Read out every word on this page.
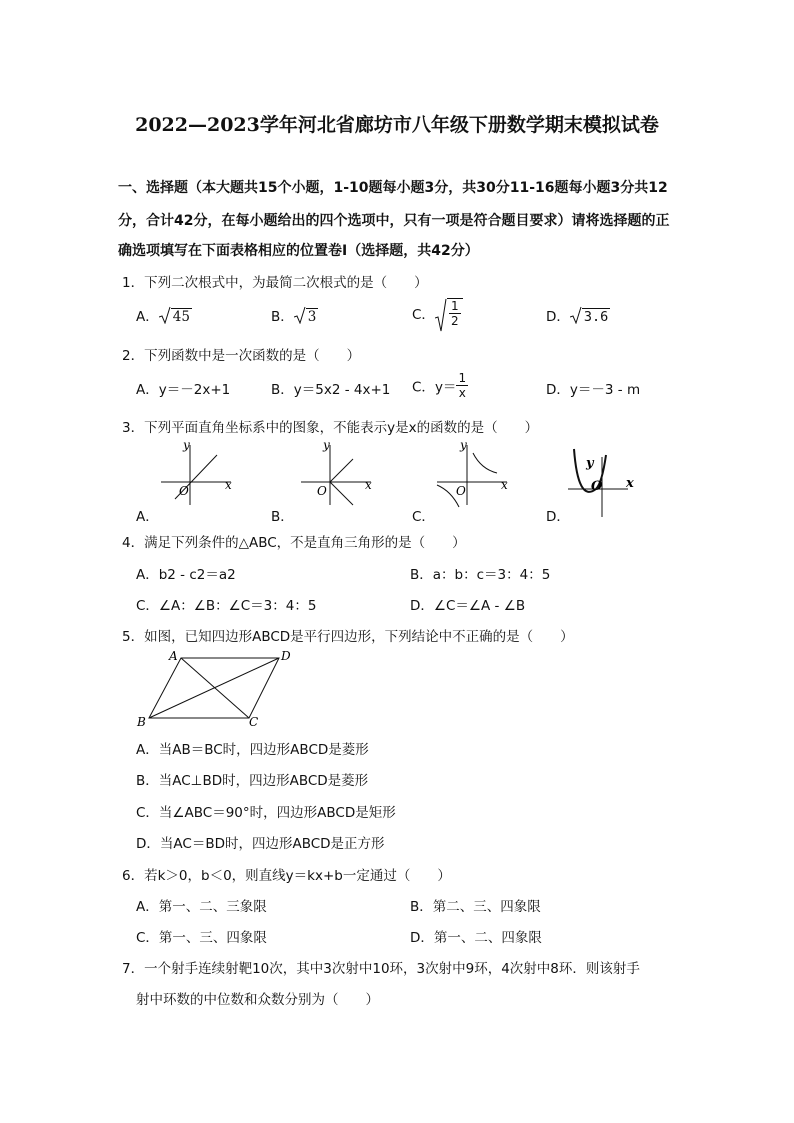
2022—2023学年河北省廊坊市八年级下册数学期末模拟试卷
一、选择题（本大题共15个小题，1-10题每小题3分，共30分11-16题每小题3分共12
分，合计42分，在每小题给出的四个选项中，只有一项是符合题目要求）请将选择题的正
确选项填写在下面表格相应的位置卷Ⅰ（选择题，共42分）
1．下列二次根式中，为最简二次根式的是（　　）
A． 45	B． 3	C． $\frac{1}{2}$	D． 3.6
2．下列函数中是一次函数的是（　　）
A．y＝－2x+1	B．y＝5x2 - 4x+1 C．$y= \frac{1}{x}$	D．y＝－3 - m
3．下列平面直角坐标系中的图象，不能表示y是x的函数的是（　　）
y
x
O
A．
y
x
O
B．
y
x
O
C．
y
x
O
D．
4．满足下列条件的△ABC，不是直角三角形的是（　　）
A．b2 - c2＝a2	B．a：b：c＝3：4：5
C．∠A：∠B：∠C＝3：4：5	D．∠C＝∠A - ∠B
5．如图，已知四边形ABCD是平行四边形，下列结论中不正确的是（　　）
A	D
B	C
A．当AB＝BC时，四边形ABCD是菱形
B．当AC⊥BD时，四边形ABCD是菱形
C．当∠ABC＝90°时，四边形ABCD是矩形
D．当AC＝BD时，四边形ABCD是正方形
6．若k＞0，b＜0，则直线y＝kx+b一定通过（　　）
A．第一、二、三象限	B．第二、三、四象限
C．第一、三、四象限	D．第一、二、四象限
7．一个射手连续射靶10次，其中3次射中10环，3次射中9环，4次射中8环．则该射手
射中环数的中位数和众数分别为（　　）
